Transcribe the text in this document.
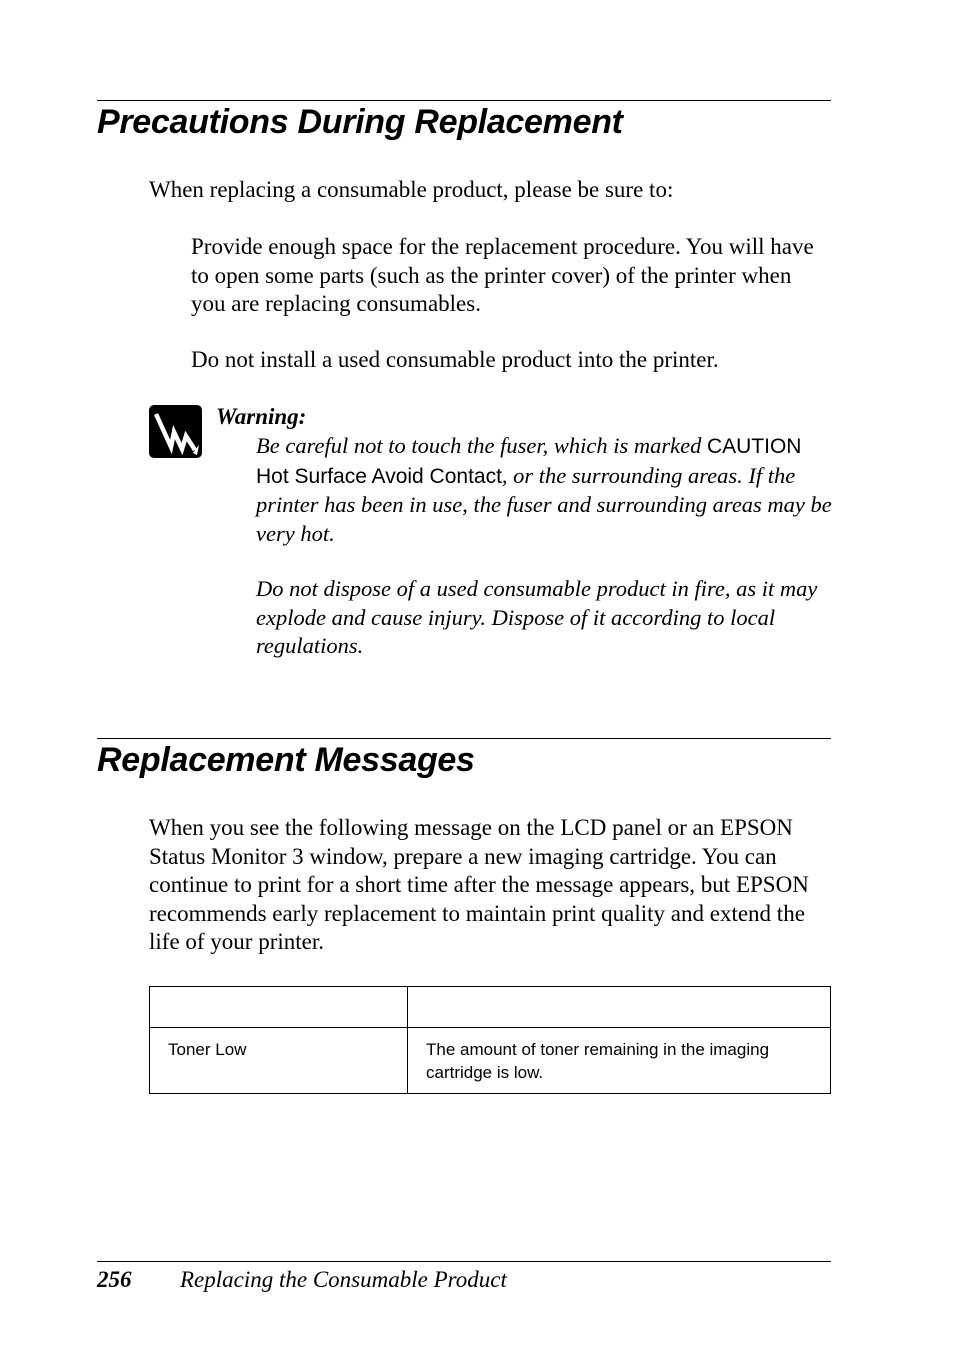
Precautions During Replacement

When replacing a consumable product, please be sure to:

Provide enough space for the replacement procedure. You will have to open some parts (such as the printer cover) of the printer when you are replacing consumables.

Do not install a used consumable product into the printer.

Warning:

Be careful not to touch the fuser, which is marked CAUTION Hot Surface Avoid Contact, or the surrounding areas. If the printer has been in use, the fuser and surrounding areas may be very hot.

Do not dispose of a used consumable product in fire, as it may explode and cause injury. Dispose of it according to local regulations.

Replacement Messages

When you see the following message on the LCD panel or an EPSON Status Monitor 3 window, prepare a new imaging cartridge. You can continue to print for a short time after the message appears, but EPSON recommends early replacement to maintain print quality and extend the life of your printer.

Toner Low	The amount of toner remaining in the imaging cartridge is low.

256 Replacing the Consumable Product
